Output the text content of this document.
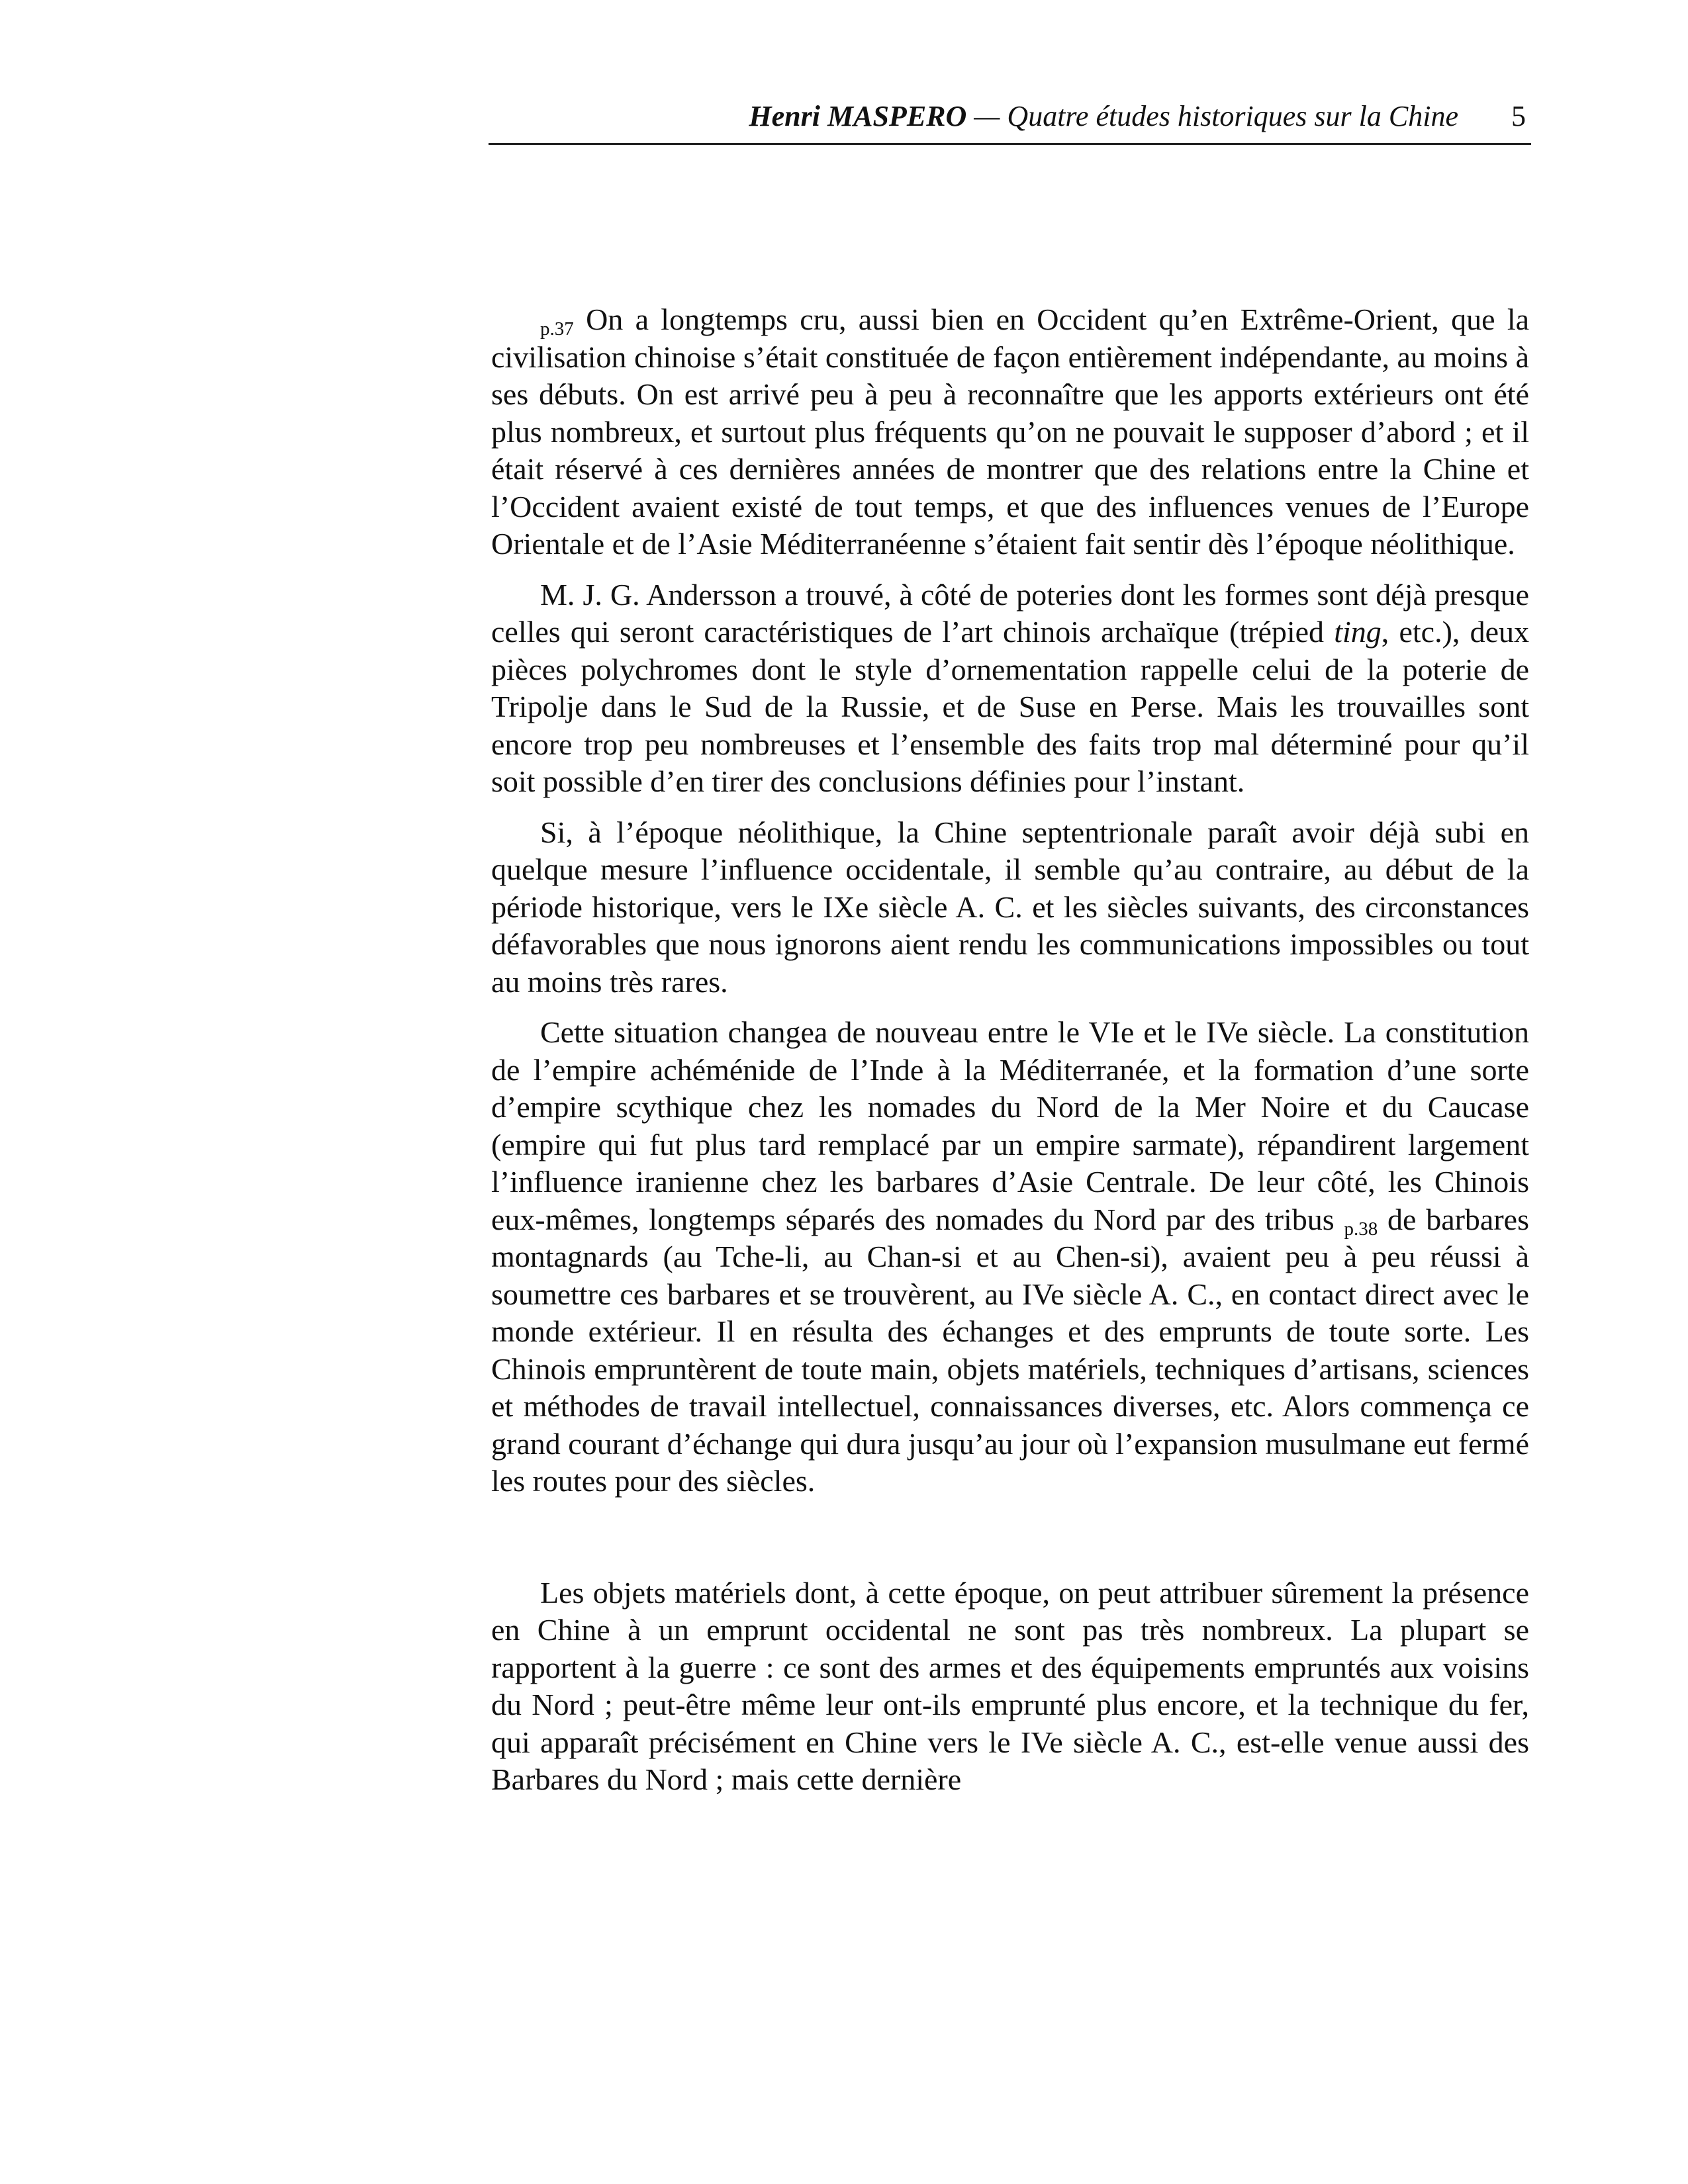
Henri MASPERO — Quatre études historiques sur la Chine 5

p.37 On a longtemps cru, aussi bien en Occident qu’en Extrême-Orient, que la civilisation chinoise s’était constituée de façon entièrement indépendante, au moins à ses débuts. On est arrivé peu à peu à reconnaître que les apports extérieurs ont été plus nombreux, et surtout plus fréquents qu’on ne pouvait le supposer d’abord ; et il était réservé à ces dernières années de montrer que des relations entre la Chine et l’Occident avaient existé de tout temps, et que des influences venues de l’Europe Orientale et de l’Asie Méditerranéenne s’étaient fait sentir dès l’époque néolithique.

M. J. G. Andersson a trouvé, à côté de poteries dont les formes sont déjà presque celles qui seront caractéristiques de l’art chinois archaïque (trépied ting, etc.), deux pièces polychromes dont le style d’ornementation rappelle celui de la poterie de Tripolje dans le Sud de la Russie, et de Suse en Perse. Mais les trouvailles sont encore trop peu nombreuses et l’ensemble des faits trop mal déterminé pour qu’il soit possible d’en tirer des conclusions définies pour l’instant.

Si, à l’époque néolithique, la Chine septentrionale paraît avoir déjà subi en quelque mesure l’influence occidentale, il semble qu’au contraire, au début de la période historique, vers le IXe siècle A. C. et les siècles suivants, des circonstances défavorables que nous ignorons aient rendu les communications impossibles ou tout au moins très rares.

Cette situation changea de nouveau entre le VIe et le IVe siècle. La constitution de l’empire achéménide de l’Inde à la Méditerranée, et la formation d’une sorte d’empire scythique chez les nomades du Nord de la Mer Noire et du Caucase (empire qui fut plus tard remplacé par un empire sarmate), répandirent largement l’influence iranienne chez les barbares d’Asie Centrale. De leur côté, les Chinois eux-mêmes, longtemps séparés des nomades du Nord par des tribus p.38 de barbares montagnards (au Tche-li, au Chan-si et au Chen-si), avaient peu à peu réussi à soumettre ces barbares et se trouvèrent, au IVe siècle A. C., en contact direct avec le monde extérieur. Il en résulta des échanges et des emprunts de toute sorte. Les Chinois empruntèrent de toute main, objets matériels, techniques d’artisans, sciences et méthodes de travail intellectuel, connaissances diverses, etc. Alors commença ce grand courant d’échange qui dura jusqu’au jour où l’expansion musulmane eut fermé les routes pour des siècles.

Les objets matériels dont, à cette époque, on peut attribuer sûrement la présence en Chine à un emprunt occidental ne sont pas très nombreux. La plupart se rapportent à la guerre : ce sont des armes et des équipements empruntés aux voisins du Nord ; peut-être même leur ont-ils emprunté plus encore, et la technique du fer, qui apparaît précisément en Chine vers le IVe siècle A. C., est-elle venue aussi des Barbares du Nord ; mais cette dernière
